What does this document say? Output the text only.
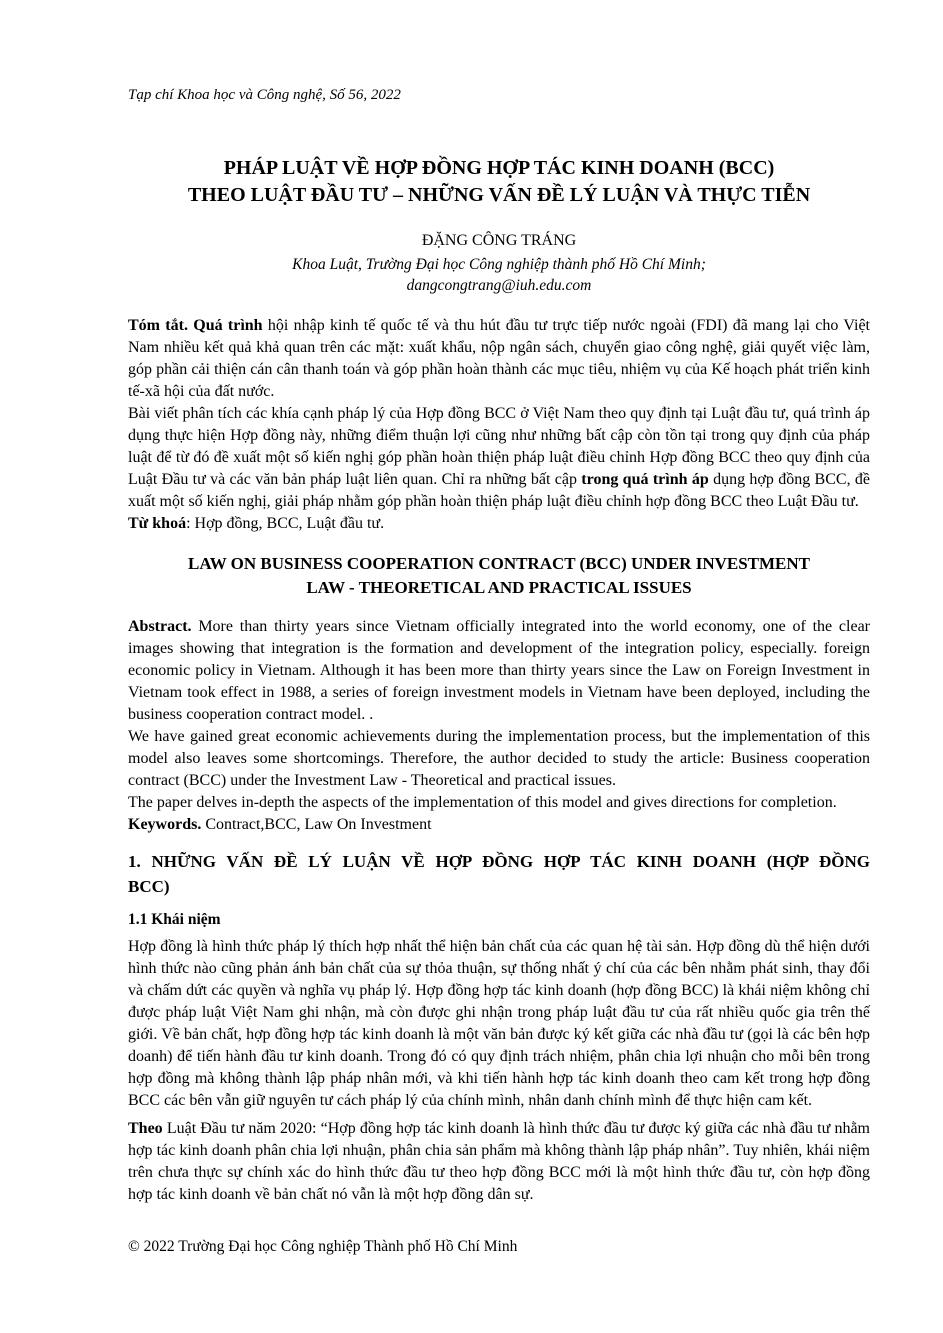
Tạp chí Khoa học và Công nghệ, Số 56, 2022
PHÁP LUẬT VỀ HỢP ĐỒNG HỢP TÁC KINH DOANH (BCC)
THEO LUẬT ĐẦU TƯ – NHỮNG VẤN ĐỀ LÝ LUẬN VÀ THỰC TIỄN
ĐẶNG CÔNG TRÁNG
Khoa Luật, Trường Đại học Công nghiệp thành phố Hồ Chí Minh;
dangcongtrang@iuh.edu.com

Tóm tắt. Quá trình hội nhập kinh tế quốc tế và thu hút đầu tư trực tiếp nước ngoài (FDI) đã mang lại cho Việt Nam nhiều kết quả khả quan trên các mặt: xuất khẩu, nộp ngân sách, chuyển giao công nghệ, giải quyết việc làm, góp phần cải thiện cán cân thanh toán và góp phần hoàn thành các mục tiêu, nhiệm vụ của Kế hoạch phát triển kinh tế-xã hội của đất nước.

Bài viết phân tích các khía cạnh pháp lý của Hợp đồng BCC ở Việt Nam theo quy định tại Luật đầu tư, quá trình áp dụng thực hiện Hợp đồng này, những điểm thuận lợi cũng như những bất cập còn tồn tại trong quy định của pháp luật để từ đó đề xuất một số kiến nghị góp phần hoàn thiện pháp luật điều chỉnh Hợp đồng BCC theo quy định của Luật Đầu tư và các văn bản pháp luật liên quan. Chỉ ra những bất cập trong quá trình áp dụng hợp đồng BCC, đề xuất một số kiến nghị, giải pháp nhằm góp phần hoàn thiện pháp luật điều chỉnh hợp đồng BCC theo Luật Đầu tư.

Từ khoá: Hợp đồng, BCC, Luật đầu tư.

LAW ON BUSINESS COOPERATION CONTRACT (BCC) UNDER INVESTMENT
LAW - THEORETICAL AND PRACTICAL ISSUES

Abstract. More than thirty years since Vietnam officially integrated into the world economy, one of the clear images showing that integration is the formation and development of the integration policy, especially. foreign economic policy in Vietnam. Although it has been more than thirty years since the Law on Foreign Investment in Vietnam took effect in 1988, a series of foreign investment models in Vietnam have been deployed, including the business cooperation contract model. .

We have gained great economic achievements during the implementation process, but the implementation of this model also leaves some shortcomings. Therefore, the author decided to study the article: Business cooperation contract (BCC) under the Investment Law - Theoretical and practical issues.

The paper delves in-depth the aspects of the implementation of this model and gives directions for completion.

Keywords. Contract,BCC, Law On Investment

1. NHỮNG VẤN ĐỀ LÝ LUẬN VỀ HỢP ĐỒNG HỢP TÁC KINH DOANH (HỢP ĐỒNG
BCC)
1.1 Khái niệm

Hợp đồng là hình thức pháp lý thích hợp nhất thể hiện bản chất của các quan hệ tài sản. Hợp đồng dù thể hiện dưới hình thức nào cũng phản ánh bản chất của sự thỏa thuận, sự thống nhất ý chí của các bên nhằm phát sinh, thay đổi và chấm dứt các quyền và nghĩa vụ pháp lý. Hợp đồng hợp tác kinh doanh (hợp đồng BCC) là khái niệm không chỉ được pháp luật Việt Nam ghi nhận, mà còn được ghi nhận trong pháp luật đầu tư của rất nhiều quốc gia trên thế giới. Về bản chất, hợp đồng hợp tác kinh doanh là một văn bản được ký kết giữa các nhà đầu tư (gọi là các bên hợp doanh) để tiến hành đầu tư kinh doanh. Trong đó có quy định trách nhiệm, phân chia lợi nhuận cho mỗi bên trong hợp đồng mà không thành lập pháp nhân mới, và khi tiến hành hợp tác kinh doanh theo cam kết trong hợp đồng BCC các bên vẫn giữ nguyên tư cách pháp lý của chính mình, nhân danh chính mình để thực hiện cam kết.

Theo Luật Đầu tư năm 2020: “Hợp đồng hợp tác kinh doanh là hình thức đầu tư được ký giữa các nhà đầu tư nhằm hợp tác kinh doanh phân chia lợi nhuận, phân chia sản phẩm mà không thành lập pháp nhân”. Tuy nhiên, khái niệm trên chưa thực sự chính xác do hình thức đầu tư theo hợp đồng BCC mới là một hình thức đầu tư, còn hợp đồng hợp tác kinh doanh về bản chất nó vẫn là một hợp đồng dân sự.

© 2022 Trường Đại học Công nghiệp Thành phố Hồ Chí Minh
